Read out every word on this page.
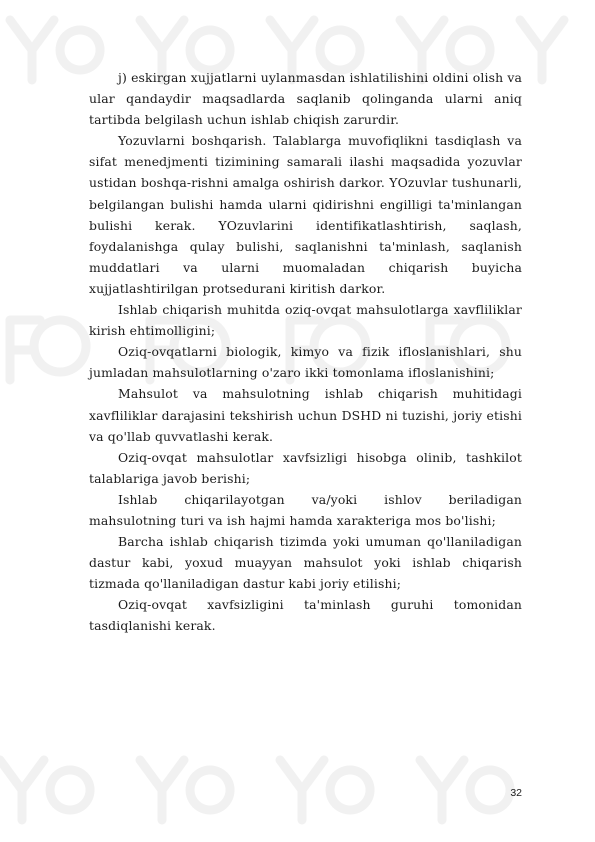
j) eskirgan xujjatlarni uylanmasdan ishlatilishini oldini olish va ular qandaydir maqsadlarda saqlanib qolinganda ularni aniq tartibda belgilash uchun ishlab chiqish zarurdir.

Yozuvlarni boshqarish. Talablarga muvofiqlikni tasdiqlash va sifat menedjmenti tizimining samarali ilashi maqsadida yozuvlar ustidan boshqa-rishni amalga oshirish darkor. YOzuvlar tushunarli, belgilangan bulishi hamda ularni qidirishni engilligi ta'minlangan bulishi kerak. YOzuvlarini identifikatlashtirish, saqlash, foydalanishga qulay bulishi, saqlanishni ta'minlash, saqlanish muddatlari va ularni muomaladan chiqarish buyicha xujjatlashtirilgan protseduranі kiritish darkor.

Ishlab chiqarish muhitda oziq-ovqat mahsulotlarga xavfliliklar kirish ehtimolligini;

Oziq-ovqatlarni biologik, kimyo va fizik ifloslanishlari, shu jumladan mahsulotlarning o'zaro ikki tomonlama ifloslanishini;

Mahsulot va mahsulotning ishlab chiqarish muhitidagi xavfliliklar darajasini tekshirish uchun DSHD ni tuzishi, joriy etishi va qo'llab quvvatlashi kerak.

Oziq-ovqat mahsulotlar xavfsizligi hisobga olinib, tashkilot talablariga javob berishi;

Ishlab chiqarilayotgan va/yoki ishlov beriladigan mahsulotning turi va ish hajmi hamda xarakteriga mos bo'lishi;

Barcha ishlab chiqarish tizimda yoki umuman qo'llaniladigan dastur kabi, yoxud muayyan mahsulot yoki ishlab chiqarish tizmada qo'llaniladigan dastur kabi joriy etilishi;

Oziq-ovqat xavfsizligini ta'minlash guruhi tomonidan tasdiqlanishi kerak.

32
